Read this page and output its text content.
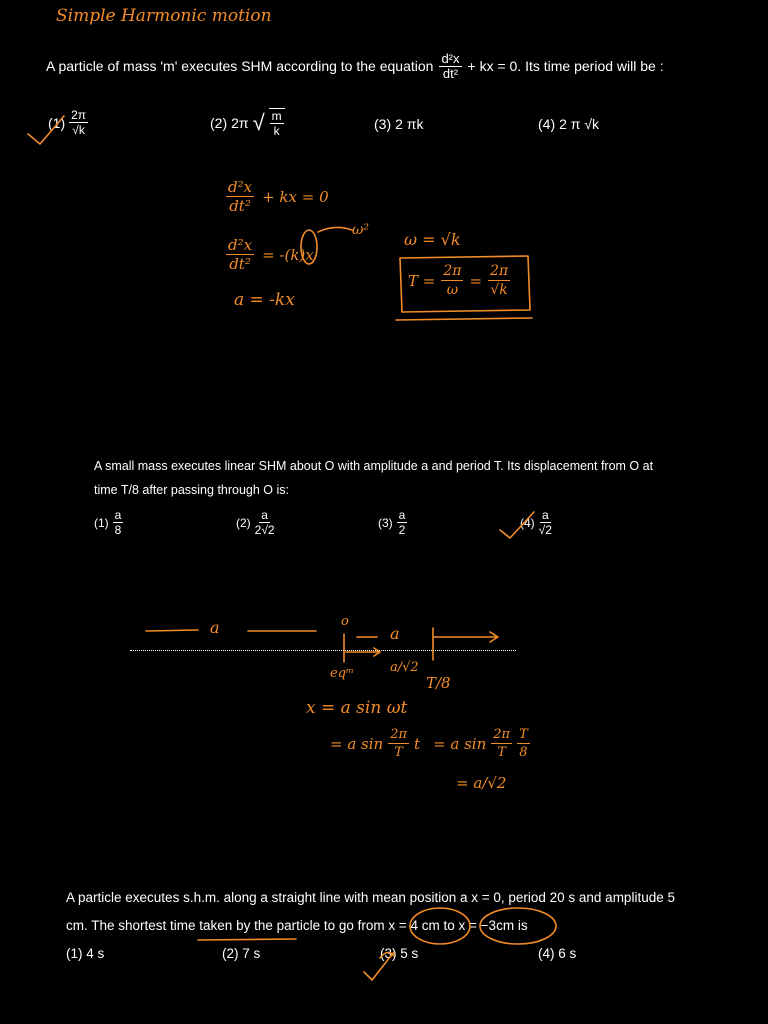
Simple Harmonic motion
A particle of mass 'm' executes SHM according to the equation $\frac{\text{d²x}}{\text{dt²}}$ + kx = 0. Its time period will be :
$(1) \frac{2\pi}{√k}$	(2) 2π √ $\frac{m}{k}$	(3) 2 πk	(4) 2 π √k
$\frac{\text{d²x}}{\text{dt²}}$ + kx = 0
$\frac{\text{d²x}}{\text{dt²}} = -(k)x$
ω²
a = -kx
ω = √k
$T = \frac{2\pi}{\omega} = \frac{2\pi}{√k}$
A small mass executes linear SHM about O with amplitude a and period T. Its displacement from O at
time T/8 after passing through O is:
$(1) \frac{a}{8}$	$(2) \frac{a}{2√2}$	$(3) \frac{a}{2}$	$(4) \frac{a}{√2}$
a	o
a
eqᵐ	a/√2
T/8
x = a sin ωt
= a $\sin \frac{2\pi}{T}$ t = a $\sin \frac{2\pi}{T} \frac{T}{8}$
= a/√2
A particle executes s.h.m. along a straight line with mean position a x = 0, period 20 s and amplitude 5
cm. The shortest time taken by the particle to go from x = 4 cm to x = −3cm is
(1) 4 s	(2) 7 s	(3) 5 s	(4) 6 s
